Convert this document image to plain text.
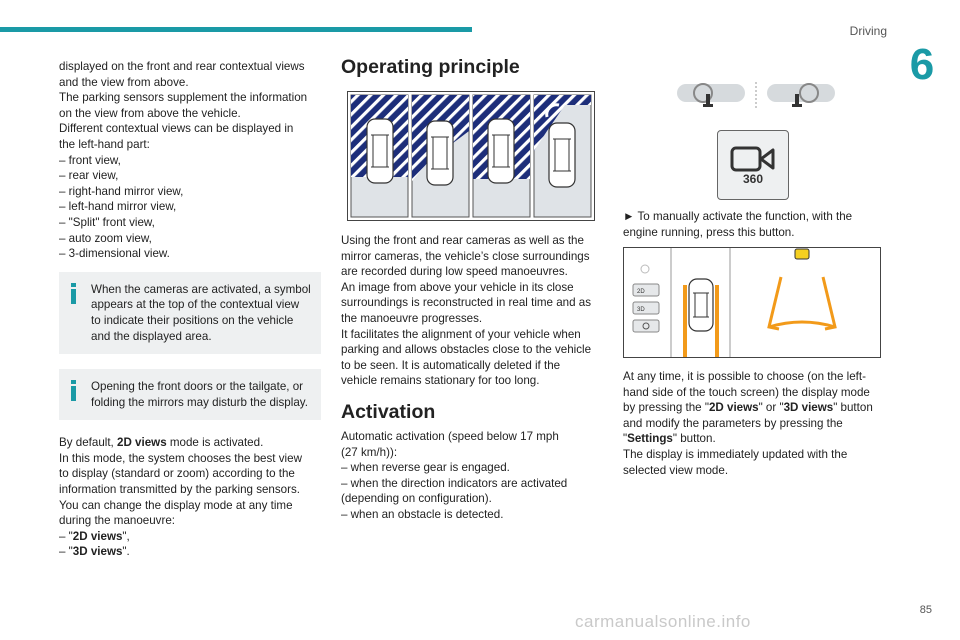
Driving
6

displayed on the front and rear contextual views

and the view from above.

The parking sensors supplement the information

on the view from above the vehicle.

Different contextual views can be displayed in

the left-hand part:

– front view,
– rear view,
– right-hand mirror view,
– left-hand mirror view,
– "Split" front view,
– auto zoom view,
– 3-dimensional view.

When the cameras are activated, a symbol appears at the top of the contextual view to indicate their positions on the vehicle and the displayed area.

Opening the front doors or the tailgate, or folding the mirrors may disturb the display.

By default, 2D views mode is activated.

In this mode, the system chooses the best view

to display (standard or zoom) according to the

information transmitted by the parking sensors.

You can change the display mode at any time

during the manoeuvre:

– "2D views",
– "3D views".
Operating principle

Using the front and rear cameras as well as the

mirror cameras, the vehicle’s close surroundings

are recorded during low speed manoeuvres.

An image from above your vehicle in its close

surroundings is reconstructed in real time and as

the manoeuvre progresses.

It facilitates the alignment of your vehicle when

parking and allows obstacles close to the vehicle

to be seen. It is automatically deleted if the

vehicle remains stationary for too long.

Activation

Automatic activation (speed below 17 mph

(27 km/h)):

– when reverse gear is engaged.
– when the direction indicators are activated

(depending on configuration).

– when an obstacle is detected.
360

► To manually activate the function, with the

engine running, press this button.

2D
3D

At any time, it is possible to choose (on the left-

hand side of the touch screen) the display mode

by pressing the "2D views" or "3D views" button

and modify the parameters by pressing the

"Settings" button.

The display is immediately updated with the

selected view mode.

85
carmanualsonline.info
